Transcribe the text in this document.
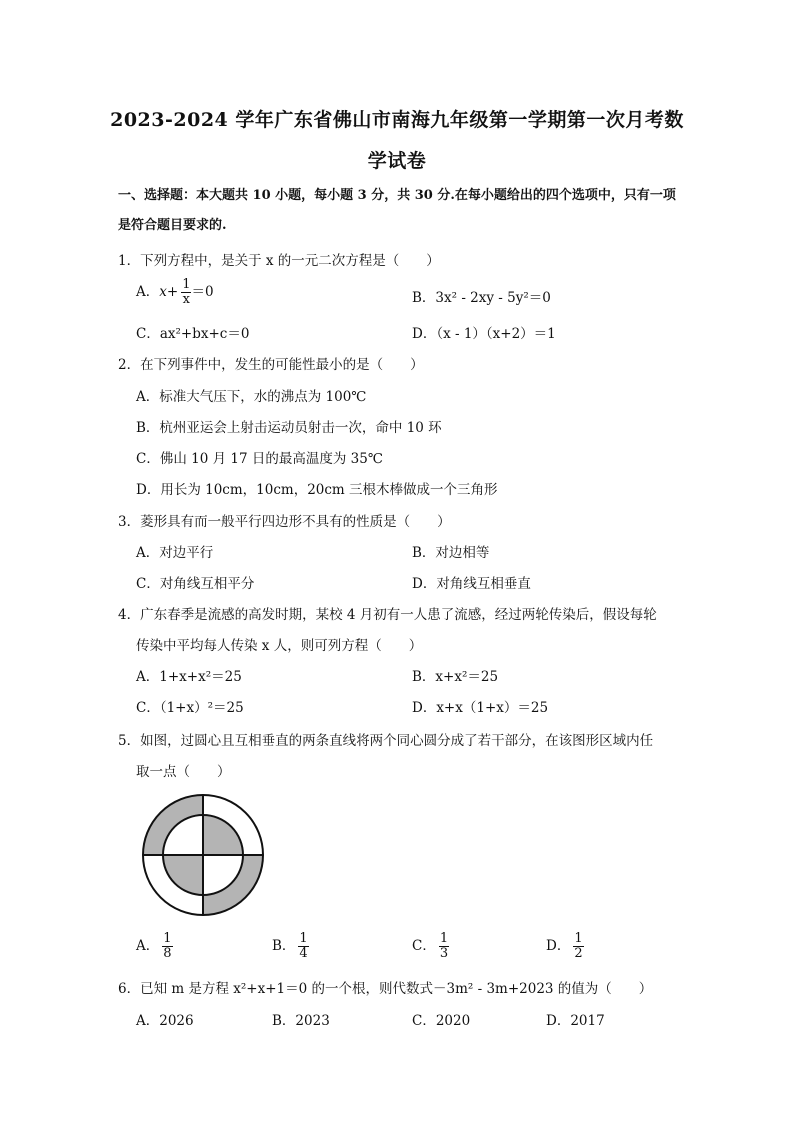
2023-2024 学年广东省佛山市南海九年级第一学期第一次月考数
学试卷
一、选择题：本大题共 10 小题，每小题 3 分，共 30 分.在每小题给出的四个选项中，只有一项是符合题目要求的.
1．下列方程中，是关于 x 的一元二次方程是（　　）
A．$x+ \frac{1}{x} =0$	B．3x² - 2xy - 5y²＝0
C．ax²+bx+c＝0	D．（x - 1）（x+2）＝1
2．在下列事件中，发生的可能性最小的是（　　）
A．标准大气压下，水的沸点为 100℃
B．杭州亚运会上射击运动员射击一次，命中 10 环
C．佛山 10 月 17 日的最高温度为 35℃
D．用长为 10cm，10cm，20cm 三根木棒做成一个三角形
3．菱形具有而一般平行四边形不具有的性质是（　　）
A．对边平行	B．对边相等
C．对角线互相平分	D．对角线互相垂直
4．广东春季是流感的高发时期，某校 4 月初有一人患了流感，经过两轮传染后，假设每轮
传染中平均每人传染 x 人，则可列方程（　　）
A．1+x+x²＝25	B．x+x²＝25
C．（1+x）²＝25	D．x+x（1+x）＝25
5．如图，过圆心且互相垂直的两条直线将两个同心圆分成了若干部分，在该图形区域内任
取一点（　　）
A． $\frac{1}{8}$	B． $\frac{1}{4}$	C． $\frac{1}{3}$	D． $\frac{1}{2}$
6．已知 m 是方程 x²+x+1＝0 的一个根，则代数式－3m² - 3m+2023 的值为（　　）
A．2026	B．2023	C．2020	D．2017
